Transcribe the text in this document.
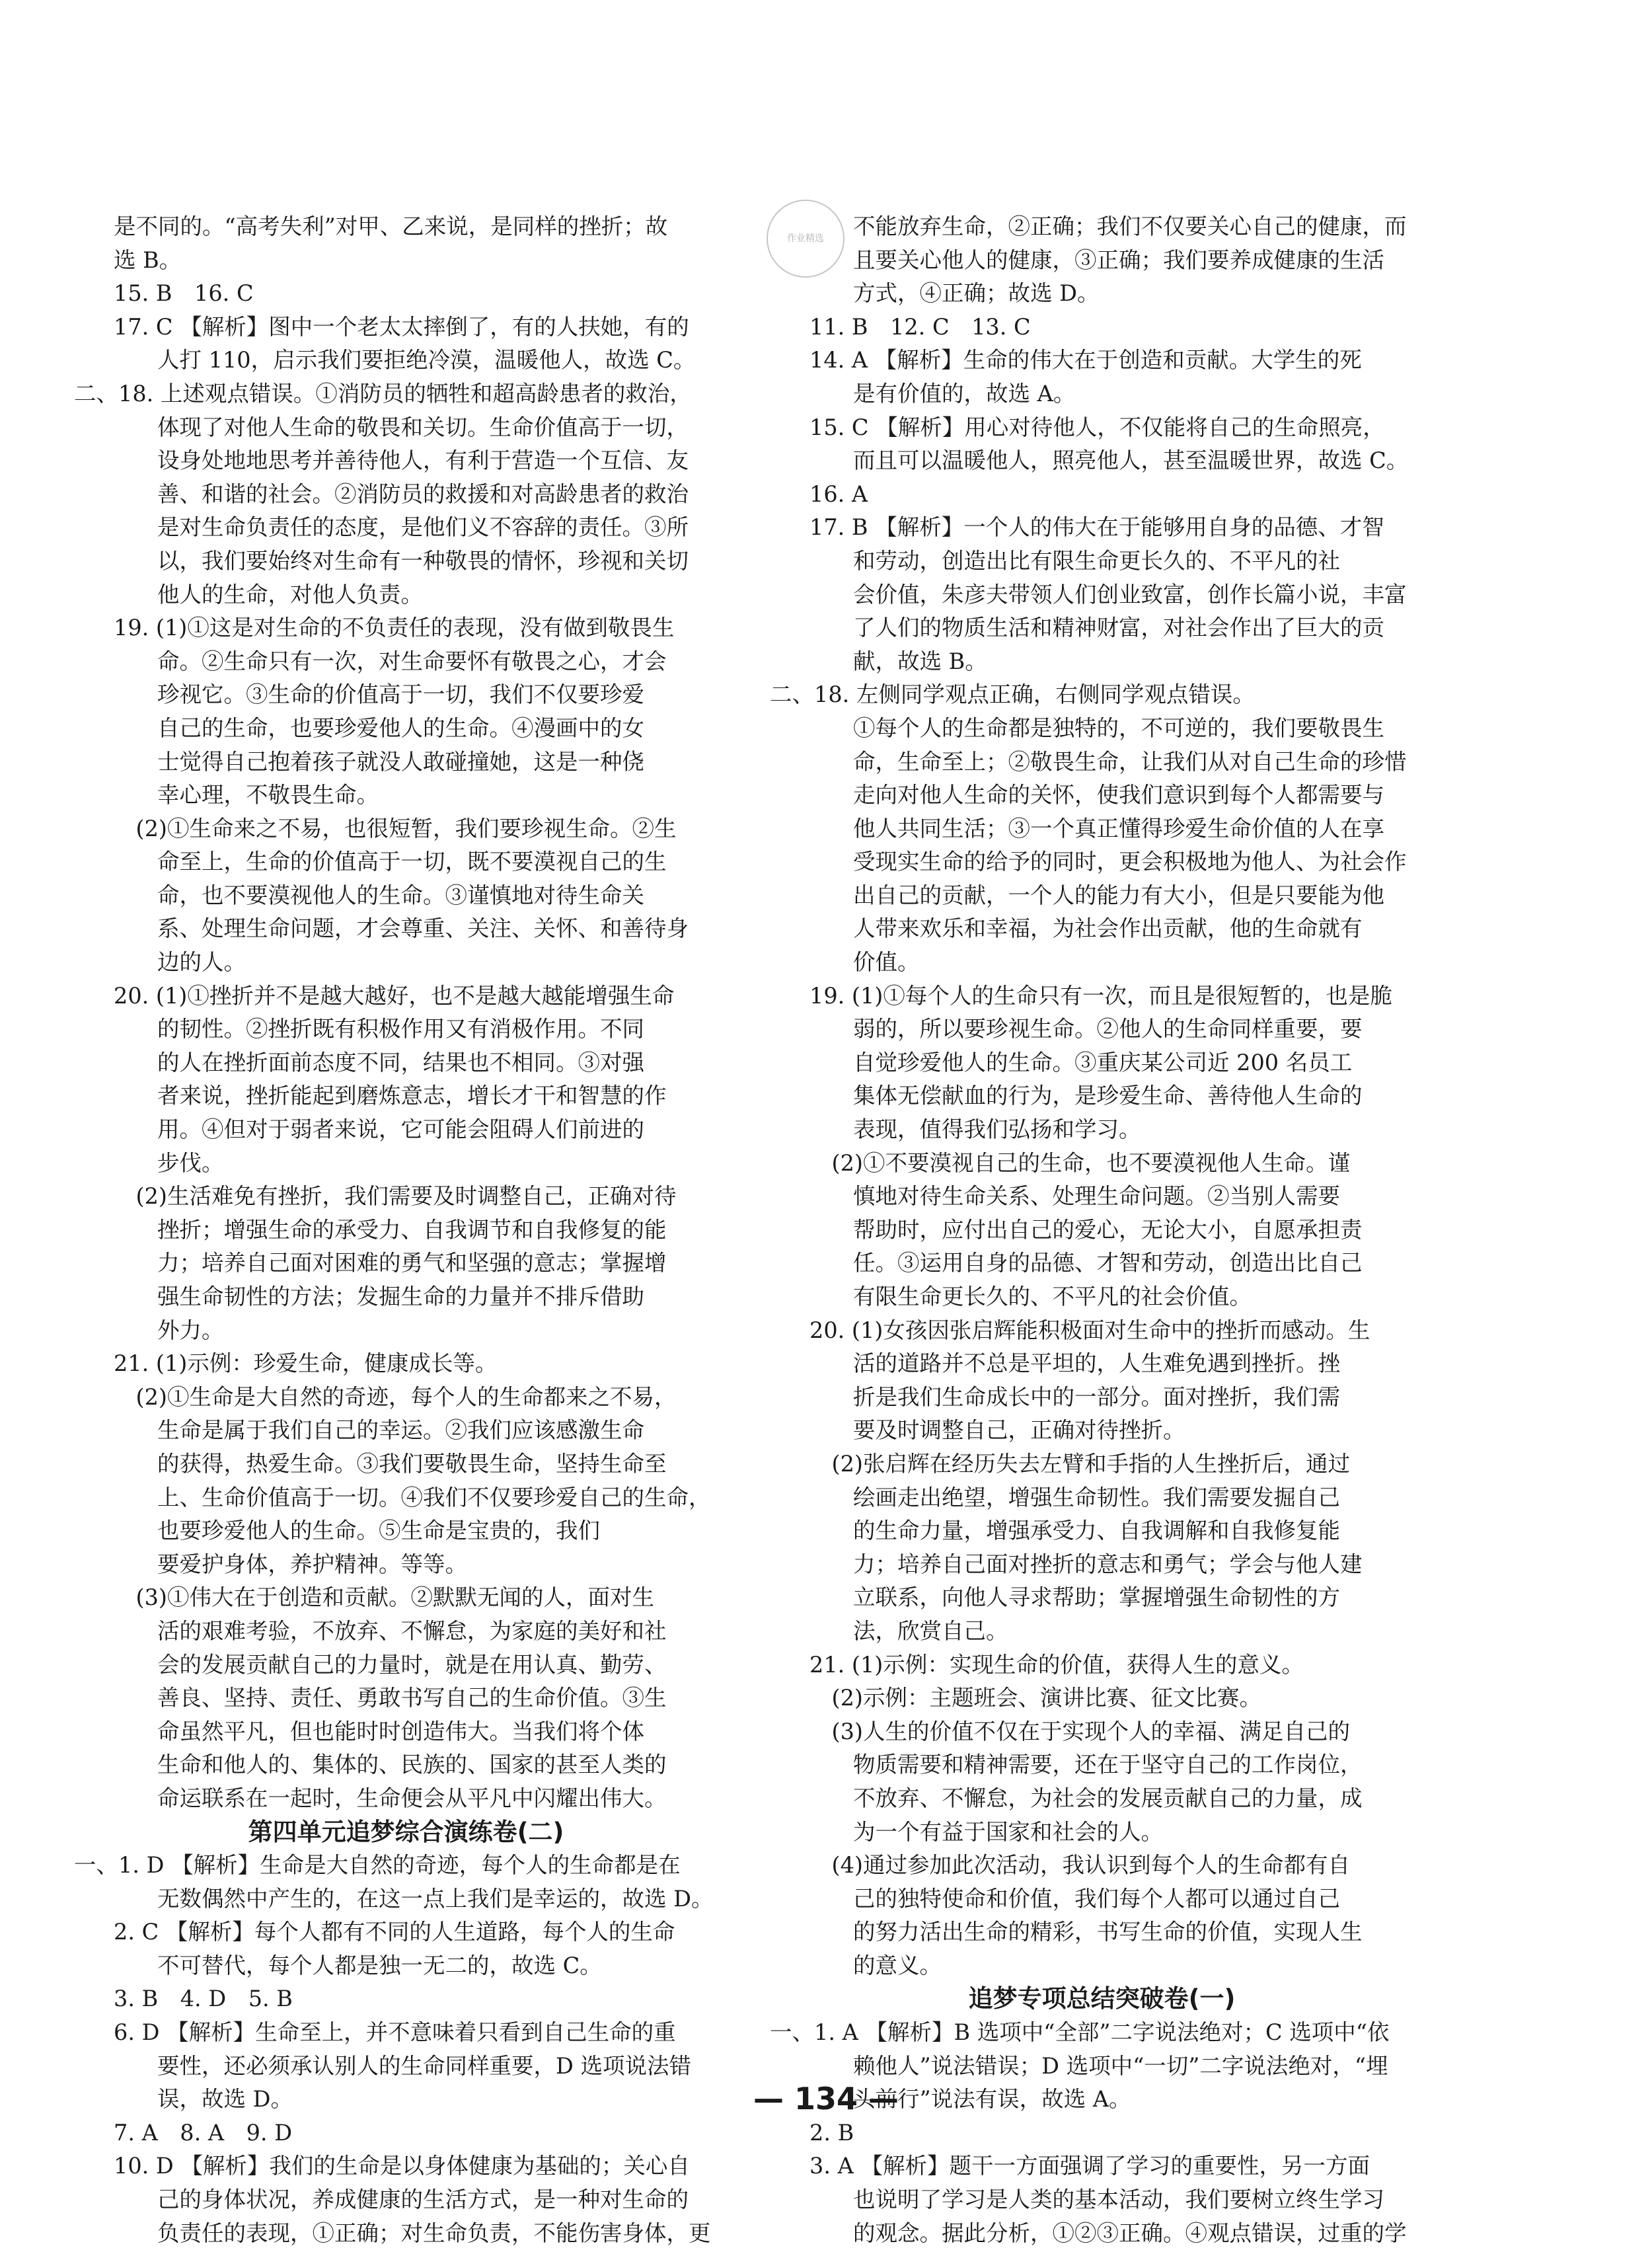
是不同的。“高考失利”对甲、乙来说，是同样的挫折；故
选 B。
15. B　16. C
17. C 【解析】图中一个老太太摔倒了，有的人扶她，有的
人打 110，启示我们要拒绝冷漠，温暖他人，故选 C。
二、18. 上述观点错误。①消防员的牺牲和超高龄患者的救治，
体现了对他人生命的敬畏和关切。生命价值高于一切，
设身处地地思考并善待他人，有利于营造一个互信、友
善、和谐的社会。②消防员的救援和对高龄患者的救治
是对生命负责任的态度，是他们义不容辞的责任。③所
以，我们要始终对生命有一种敬畏的情怀，珍视和关切
他人的生命，对他人负责。
19. (1)①这是对生命的不负责任的表现，没有做到敬畏生
命。②生命只有一次，对生命要怀有敬畏之心，才会
珍视它。③生命的价值高于一切，我们不仅要珍爱
自己的生命，也要珍爱他人的生命。④漫画中的女
士觉得自己抱着孩子就没人敢碰撞她，这是一种侥
幸心理，不敬畏生命。
　(2)①生命来之不易，也很短暂，我们要珍视生命。②生
命至上，生命的价值高于一切，既不要漠视自己的生
命，也不要漠视他人的生命。③谨慎地对待生命关
系、处理生命问题，才会尊重、关注、关怀、和善待身
边的人。
20. (1)①挫折并不是越大越好，也不是越大越能增强生命
的韧性。②挫折既有积极作用又有消极作用。不同
的人在挫折面前态度不同，结果也不相同。③对强
者来说，挫折能起到磨炼意志，增长才干和智慧的作
用。④但对于弱者来说，它可能会阻碍人们前进的
步伐。
　(2)生活难免有挫折，我们需要及时调整自己，正确对待
挫折；增强生命的承受力、自我调节和自我修复的能
力；培养自己面对困难的勇气和坚强的意志；掌握增
强生命韧性的方法；发掘生命的力量并不排斥借助
外力。
21. (1)示例：珍爱生命，健康成长等。
　(2)①生命是大自然的奇迹，每个人的生命都来之不易，
生命是属于我们自己的幸运。②我们应该感激生命
的获得，热爱生命。③我们要敬畏生命，坚持生命至
上、生命价值高于一切。④我们不仅要珍爱自己的生命，
也要珍爱他人的生命。⑤生命是宝贵的，我们
要爱护身体，养护精神。等等。
　(3)①伟大在于创造和贡献。②默默无闻的人，面对生
活的艰难考验，不放弃、不懈怠，为家庭的美好和社
会的发展贡献自己的力量时，就是在用认真、勤劳、
善良、坚持、责任、勇敢书写自己的生命价值。③生
命虽然平凡，但也能时时创造伟大。当我们将个体
生命和他人的、集体的、民族的、国家的甚至人类的
命运联系在一起时，生命便会从平凡中闪耀出伟大。
第四单元追梦综合演练卷(二)
一、1. D 【解析】生命是大自然的奇迹，每个人的生命都是在
无数偶然中产生的，在这一点上我们是幸运的，故选 D。
2. C 【解析】每个人都有不同的人生道路，每个人的生命
不可替代，每个人都是独一无二的，故选 C。
3. B　4. D　5. B
6. D 【解析】生命至上，并不意味着只看到自己生命的重
要性，还必须承认别人的生命同样重要，D 选项说法错
误，故选 D。
7. A　8. A　9. D
10. D 【解析】我们的生命是以身体健康为基础的；关心自
己的身体状况，养成健康的生活方式，是一种对生命的
负责任的表现，①正确；对生命负责，不能伤害身体，更
不能放弃生命，②正确；我们不仅要关心自己的健康，而
且要关心他人的健康，③正确；我们要养成健康的生活
方式，④正确；故选 D。
11. B　12. C　13. C
14. A 【解析】生命的伟大在于创造和贡献。大学生的死
是有价值的，故选 A。
15. C 【解析】用心对待他人，不仅能将自己的生命照亮，
而且可以温暖他人，照亮他人，甚至温暖世界，故选 C。
16. A
17. B 【解析】一个人的伟大在于能够用自身的品德、才智
和劳动，创造出比有限生命更长久的、不平凡的社
会价值，朱彦夫带领人们创业致富，创作长篇小说，丰富
了人们的物质生活和精神财富，对社会作出了巨大的贡
献，故选 B。
二、18. 左侧同学观点正确，右侧同学观点错误。
①每个人的生命都是独特的，不可逆的，我们要敬畏生
命，生命至上；②敬畏生命，让我们从对自己生命的珍惜
走向对他人生命的关怀，使我们意识到每个人都需要与
他人共同生活；③一个真正懂得珍爱生命价值的人在享
受现实生命的给予的同时，更会积极地为他人、为社会作
出自己的贡献，一个人的能力有大小，但是只要能为他
人带来欢乐和幸福，为社会作出贡献，他的生命就有
价值。
19. (1)①每个人的生命只有一次，而且是很短暂的，也是脆
弱的，所以要珍视生命。②他人的生命同样重要，要
自觉珍爱他人的生命。③重庆某公司近 200 名员工
集体无偿献血的行为，是珍爱生命、善待他人生命的
表现，值得我们弘扬和学习。
　(2)①不要漠视自己的生命，也不要漠视他人生命。谨
慎地对待生命关系、处理生命问题。②当别人需要
帮助时，应付出自己的爱心，无论大小，自愿承担责
任。③运用自身的品德、才智和劳动，创造出比自己
有限生命更长久的、不平凡的社会价值。
20. (1)女孩因张启辉能积极面对生命中的挫折而感动。生
活的道路并不总是平坦的，人生难免遇到挫折。挫
折是我们生命成长中的一部分。面对挫折，我们需
要及时调整自己，正确对待挫折。
　(2)张启辉在经历失去左臂和手指的人生挫折后，通过
绘画走出绝望，增强生命韧性。我们需要发掘自己
的生命力量，增强承受力、自我调解和自我修复能
力；培养自己面对挫折的意志和勇气；学会与他人建
立联系，向他人寻求帮助；掌握增强生命韧性的方
法，欣赏自己。
21. (1)示例：实现生命的价值，获得人生的意义。
　(2)示例：主题班会、演讲比赛、征文比赛。
　(3)人生的价值不仅在于实现个人的幸福、满足自己的
物质需要和精神需要，还在于坚守自己的工作岗位，
不放弃、不懈怠，为社会的发展贡献自己的力量，成
为一个有益于国家和社会的人。
　(4)通过参加此次活动，我认识到每个人的生命都有自
己的独特使命和价值，我们每个人都可以通过自己
的努力活出生命的精彩，书写生命的价值，实现人生
的意义。
追梦专项总结突破卷(一)
一、1. A 【解析】B 选项中“全部”二字说法绝对；C 选项中“依
赖他人”说法错误；D 选项中“一切”二字说法绝对，“埋
头前行”说法有误，故选 A。
2. B
3. A 【解析】题干一方面强调了学习的重要性，另一方面
也说明了学习是人类的基本活动，我们要树立终生学习
的观念。据此分析，①②③正确。④观点错误，过重的学
作业精选
— 134 —
